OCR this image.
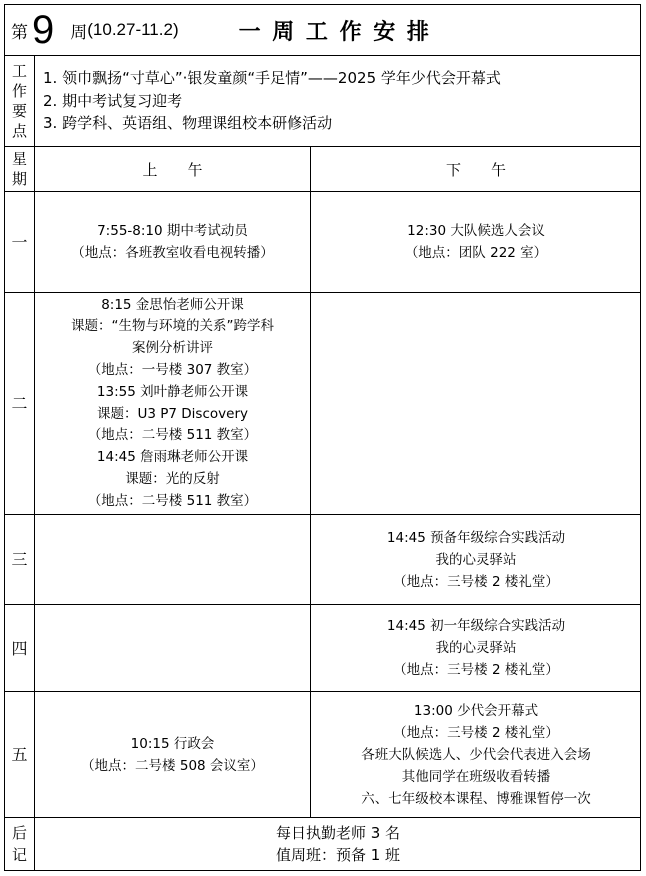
第 9 周 (10.27-11.2)	一 周 工 作 安 排
工
作
要
点
1. 领巾飘扬“寸草心”·银发童颜“手足情”——2025 学年少代会开幕式
2. 期中考试复习迎考
3. 跨学科、英语组、物理课组校本研修活动
星
期
上　　午	下　　午
一
二
三
四
五
7:55-8:10 期中考试动员
（地点：各班教室收看电视转播）
12:30 大队候选人会议
（地点：团队 222 室）
8:15 金思怡老师公开课
课题：“生物与环境的关系”跨学科
案例分析讲评
（地点：一号楼 307 教室）
13:55 刘叶静老师公开课
课题：U3 P7 Discovery
（地点：二号楼 511 教室）
14:45 詹雨琳老师公开课
课题：光的反射
（地点：二号楼 511 教室）
14:45 预备年级综合实践活动
我的心灵驿站
（地点：三号楼 2 楼礼堂）
14:45 初一年级综合实践活动
我的心灵驿站
（地点：三号楼 2 楼礼堂）
10:15 行政会
（地点：二号楼 508 会议室）
13:00 少代会开幕式
（地点：三号楼 2 楼礼堂）
各班大队候选人、少代会代表进入会场
其他同学在班级收看转播
六、七年级校本课程、博雅课暂停一次
后
记
每日执勤老师 3 名
值周班：预备 1 班
